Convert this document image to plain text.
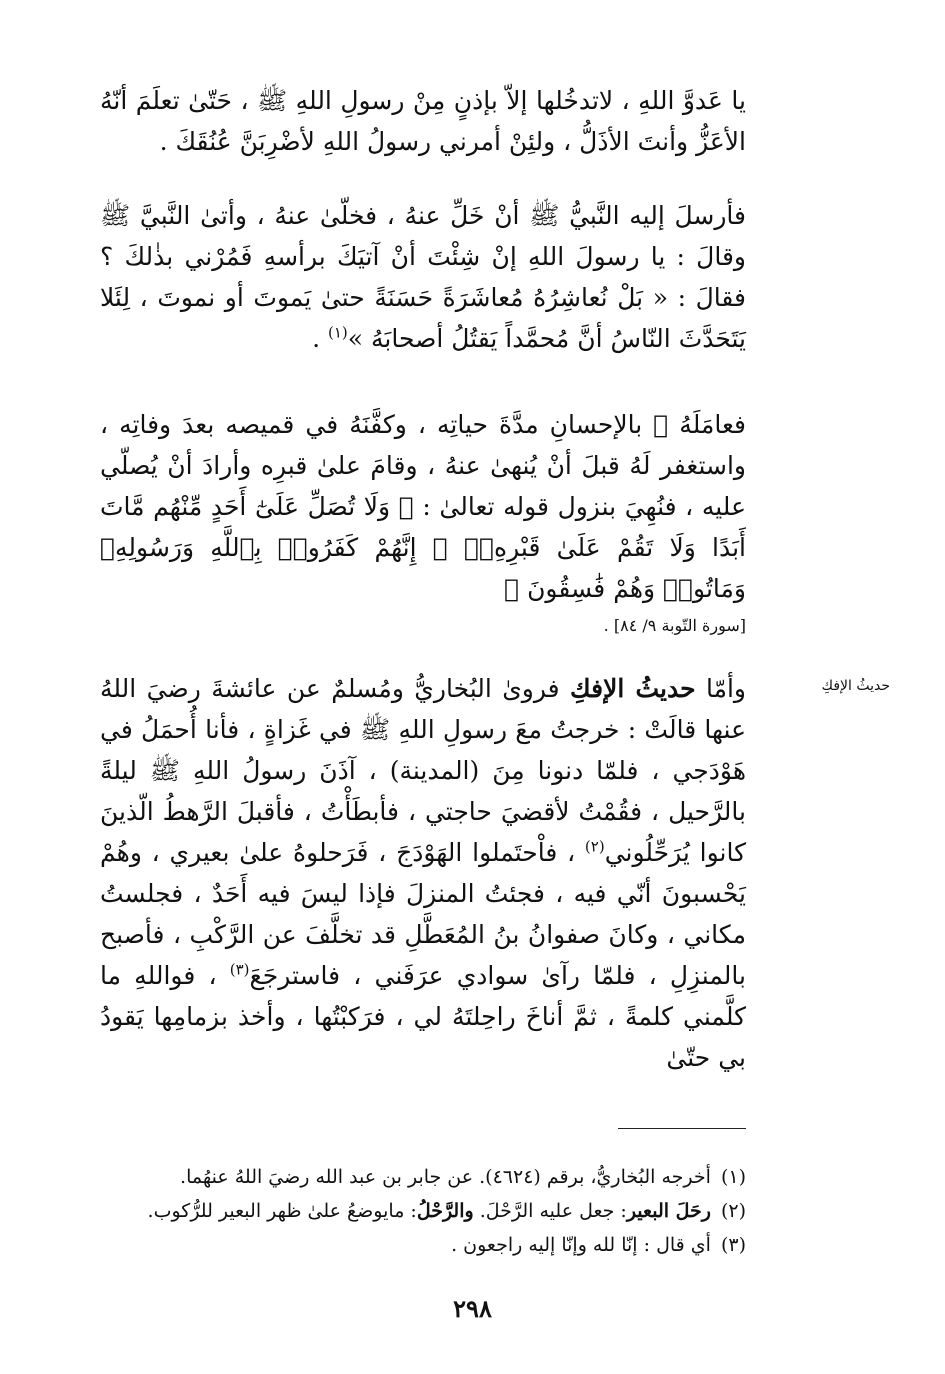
يا عَدوَّ اللهِ ، لاتدخُلها إلاّ بإذنٍ مِنْ رسولِ اللهِ ﷺ ، حَتّىٰ تعلَمَ أنّهُ الأعَزُّ وأنتَ الأذَلُّ ، ولئِنْ أمرني رسولُ اللهِ لأضْرِبَنَّ عُنُقَكَ .

فأرسلَ إليه النَّبيُّ ﷺ أنْ خَلِّ عنهُ ، فخلّىٰ عنهُ ، وأتىٰ النَّبيَّ ﷺ وقالَ : يا رسولَ اللهِ إنْ شِئْتَ أنْ آتيَكَ برأسهِ فَمُرْني بذٰلكَ ؟ فقالَ : « بَلْ نُعاشِرُهُ مُعاشَرَةً حَسَنَةً حتىٰ يَموتَ أو نموتَ ، لِئَلا يَتَحَدَّثَ النّاسُ أنَّ مُحمَّداً يَقتُلُ أصحابَهُ »$^{(١)}$ .

فعامَلَهُ ﷺ بالإحسانِ مدَّةَ حياتِه ، وكفَّنَهُ في قميصه بعدَ وفاتِه ، واستغفر لَهُ قبلَ أنْ يُنهىٰ عنهُ ، وقامَ علىٰ قبرِه وأرادَ أنْ يُصلّي عليه ، فنُهِيَ بنزول قوله تعالىٰ : ﴿ وَلَا تُصَلِّ عَلَىٰٓ أَحَدٍ مِّنْهُم مَّاتَ أَبَدًا وَلَا تَقُمْ عَلَىٰ قَبْرِهِۦٓ ۖ إِنَّهُمْ كَفَرُوا۟ بِٱللَّهِ وَرَسُولِهِۦ وَمَاتُوا۟ وَهُمْ فَٰسِقُونَ ﴾

[سورة التّوبة ٩/ ٨٤] .

حديثُ الإفكِ

وأمّا حديثُ الإفكِ فروىٰ البُخاريُّ ومُسلمٌ عن عائشةَ رضيَ اللهُ عنها قالَتْ : خرجتُ معَ رسولِ اللهِ ﷺ في غَزاةٍ ، فأنا أُحمَلُ في هَوْدَجي ، فلمّا دنونا مِنَ (المدينة) ، آذَنَ رسولُ اللهِ ﷺ ليلةً بالرَّحيل ، فقُمْتُ لأقضيَ حاجتي ، فأبطَأْتُ ، فأقبلَ الرَّهطُ الّذينَ كانوا يُرَحِّلُوني$^{(٢)}$ ، فاْحتَملوا الهَوْدَجَ ، فَرَحلوهُ علىٰ بعيري ، وهُمْ يَحْسبونَ أنّي فيه ، فجئتُ المنزلَ فإذا ليسَ فيه أَحَدٌ ، فجلستُ مكاني ، وكانَ صفوانُ بنُ المُعَطَّلِ قد تخلَّفَ عن الرَّكْبِ ، فأصبح بالمنزِلِ ، فلمّا رآىٰ سوادي عرَفَني ، فاسترجَعَ$^{(٣)}$ ، فواللهِ ما كلَّمني كلمةً ، ثمَّ أناخَ راحِلتَهُ لي ، فرَكبْتُها ، وأخذ بزمامِها يَقودُ بي حتّىٰ

(١)أخرجه البُخاريُّ، برقم (٤٦٢٤). عن جابر بن عبد الله رضيَ اللهُ عنهُما.
(٢)رحَلَ البعير: جعل عليه الرَّحْلَ. والرَّحْلُ: مايوضعُ علىٰ ظهر البعير للرُّكوب.
(٣)أي قال : إنّا لله وإنّا إليه راجعون .
٢٩٨
